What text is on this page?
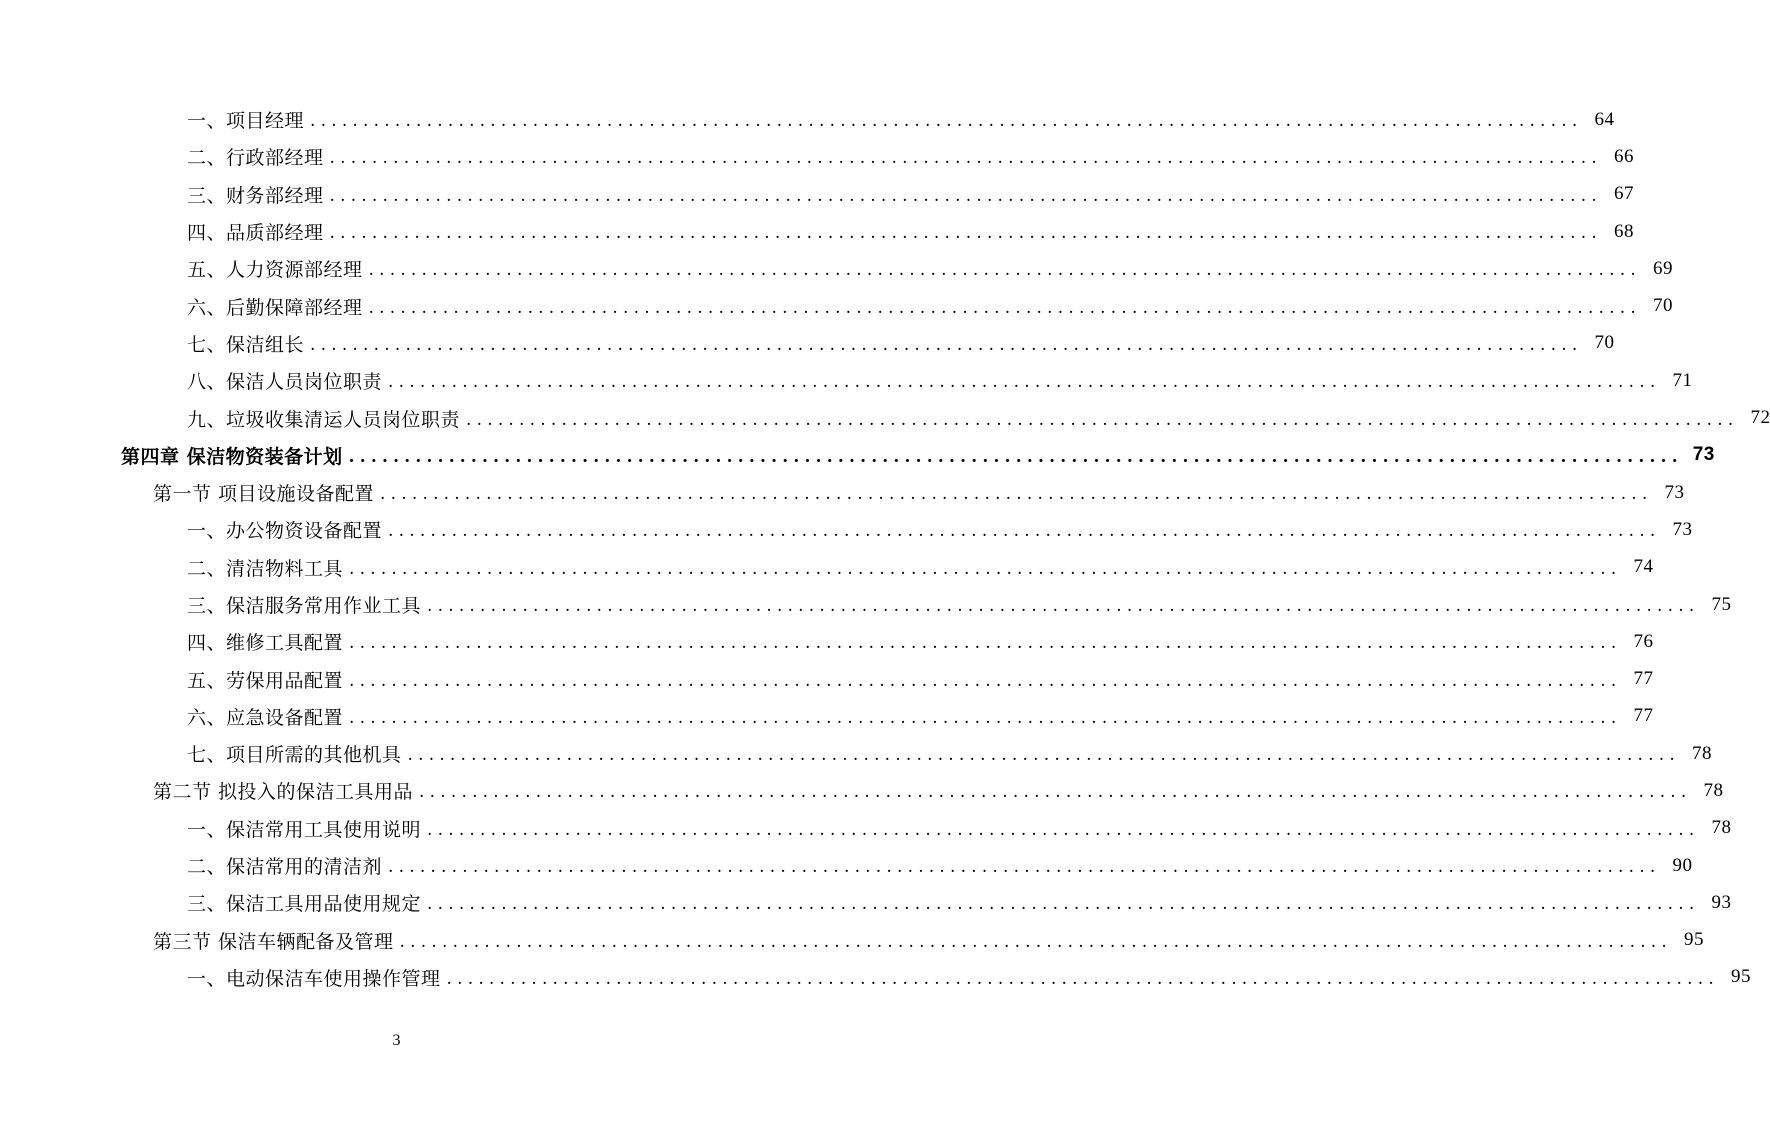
一、项目经理 ........................................................................................................................ 64
二、行政部经理 ........................................................................................................................ 66
三、财务部经理 ........................................................................................................................ 67
四、品质部经理 ........................................................................................................................ 68
五、人力资源部经理 ........................................................................................................................ 69
六、后勤保障部经理 ........................................................................................................................ 70
七、保洁组长 ........................................................................................................................ 70
八、保洁人员岗位职责 ........................................................................................................................ 71
九、垃圾收集清运人员岗位职责 ........................................................................................................................ 72
第四章 保洁物资装备计划 ........................................................................................................................ 73
第一节 项目设施设备配置 ........................................................................................................................ 73
一、办公物资设备配置 ........................................................................................................................ 73
二、清洁物料工具 ........................................................................................................................ 74
三、保洁服务常用作业工具 ........................................................................................................................ 75
四、维修工具配置 ........................................................................................................................ 76
五、劳保用品配置 ........................................................................................................................ 77
六、应急设备配置 ........................................................................................................................ 77
七、项目所需的其他机具 ........................................................................................................................ 78
第二节 拟投入的保洁工具用品 ........................................................................................................................ 78
一、保洁常用工具使用说明 ........................................................................................................................ 78
二、保洁常用的清洁剂 ........................................................................................................................ 90
三、保洁工具用品使用规定 ........................................................................................................................ 93
第三节 保洁车辆配备及管理 ........................................................................................................................ 95
一、电动保洁车使用操作管理 ........................................................................................................................ 95
3
